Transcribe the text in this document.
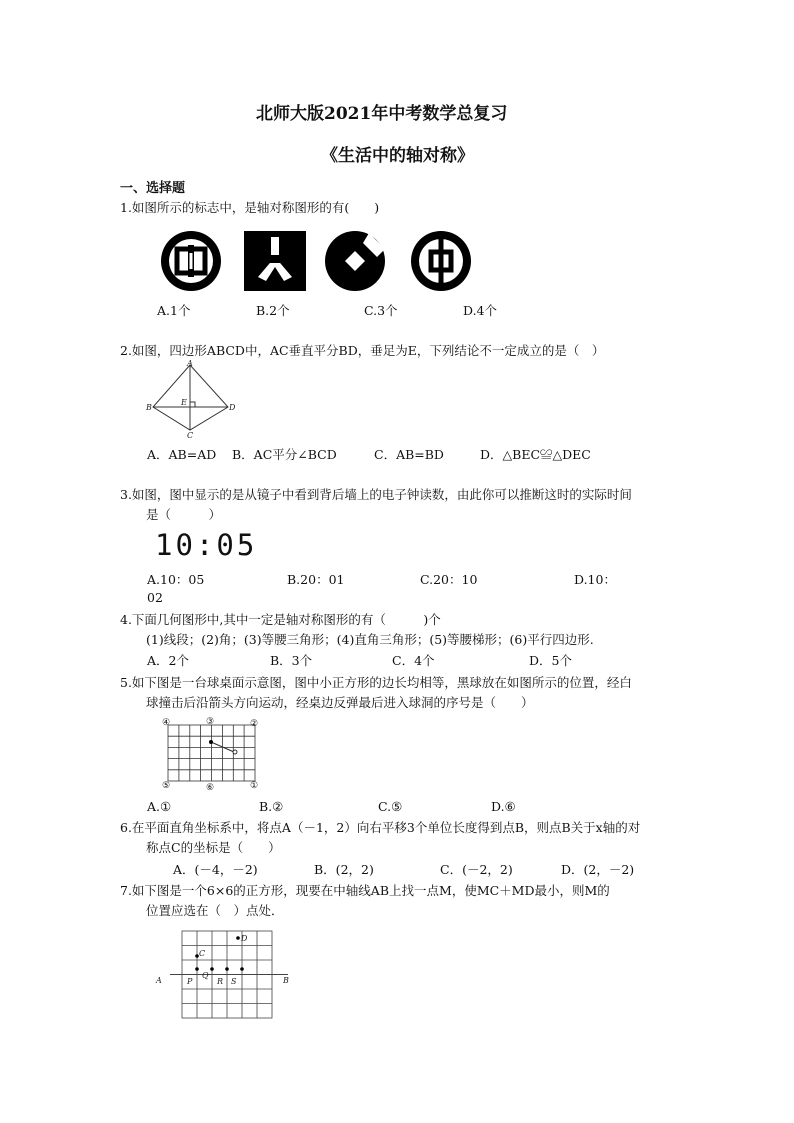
北师大版2021年中考数学总复习
《生活中的轴对称》
一、选择题
1.如图所示的标志中，是轴对称图形的有(　　)
A.1个	B.2个	C.3个	D.4个
2.如图，四边形ABCD中，AC垂直平分BD，垂足为E，下列结论不一定成立的是（　）
A
B
C
D
E
A．AB=AD B．AC平分∠BCD	C．AB=BD	D．△BEC≌△DEC
3.如图，图中显示的是从镜子中看到背后墙上的电子钟读数，由此你可以推断这时的实际时间
是（　　　）
10:05
A.10：05	B.20：01	C.20：10	D.10：
02
4.下面几何图形中,其中一定是轴对称图形的有（　　　)个
(1)线段；(2)角；(3)等腰三角形；(4)直角三角形；(5)等腰梯形；(6)平行四边形.
A．2个	B．3个	C．4个	D．5个
5.如下图是一台球桌面示意图，图中小正方形的边长均相等，黑球放在如图所示的位置，经白
球撞击后沿箭头方向运动，经桌边反弹最后进入球洞的序号是（　　）
④	③	②
⑤	⑥	①
A.①	B.②	C.⑤	D.⑥
6.在平面直角坐标系中，将点A（－1，2）向右平移3个单位长度得到点B，则点B关于x轴的对
称点C的坐标是（　　）
A．(－4，－2)	B．(2，2)	C．(－2，2)	D．(2，－2)
7.如下图是一个6×6的正方形，现要在中轴线AB上找一点M，使MC＋MD最小，则M的
位置应选在（　）点处．
A	B
C
D
P
Q
R S
